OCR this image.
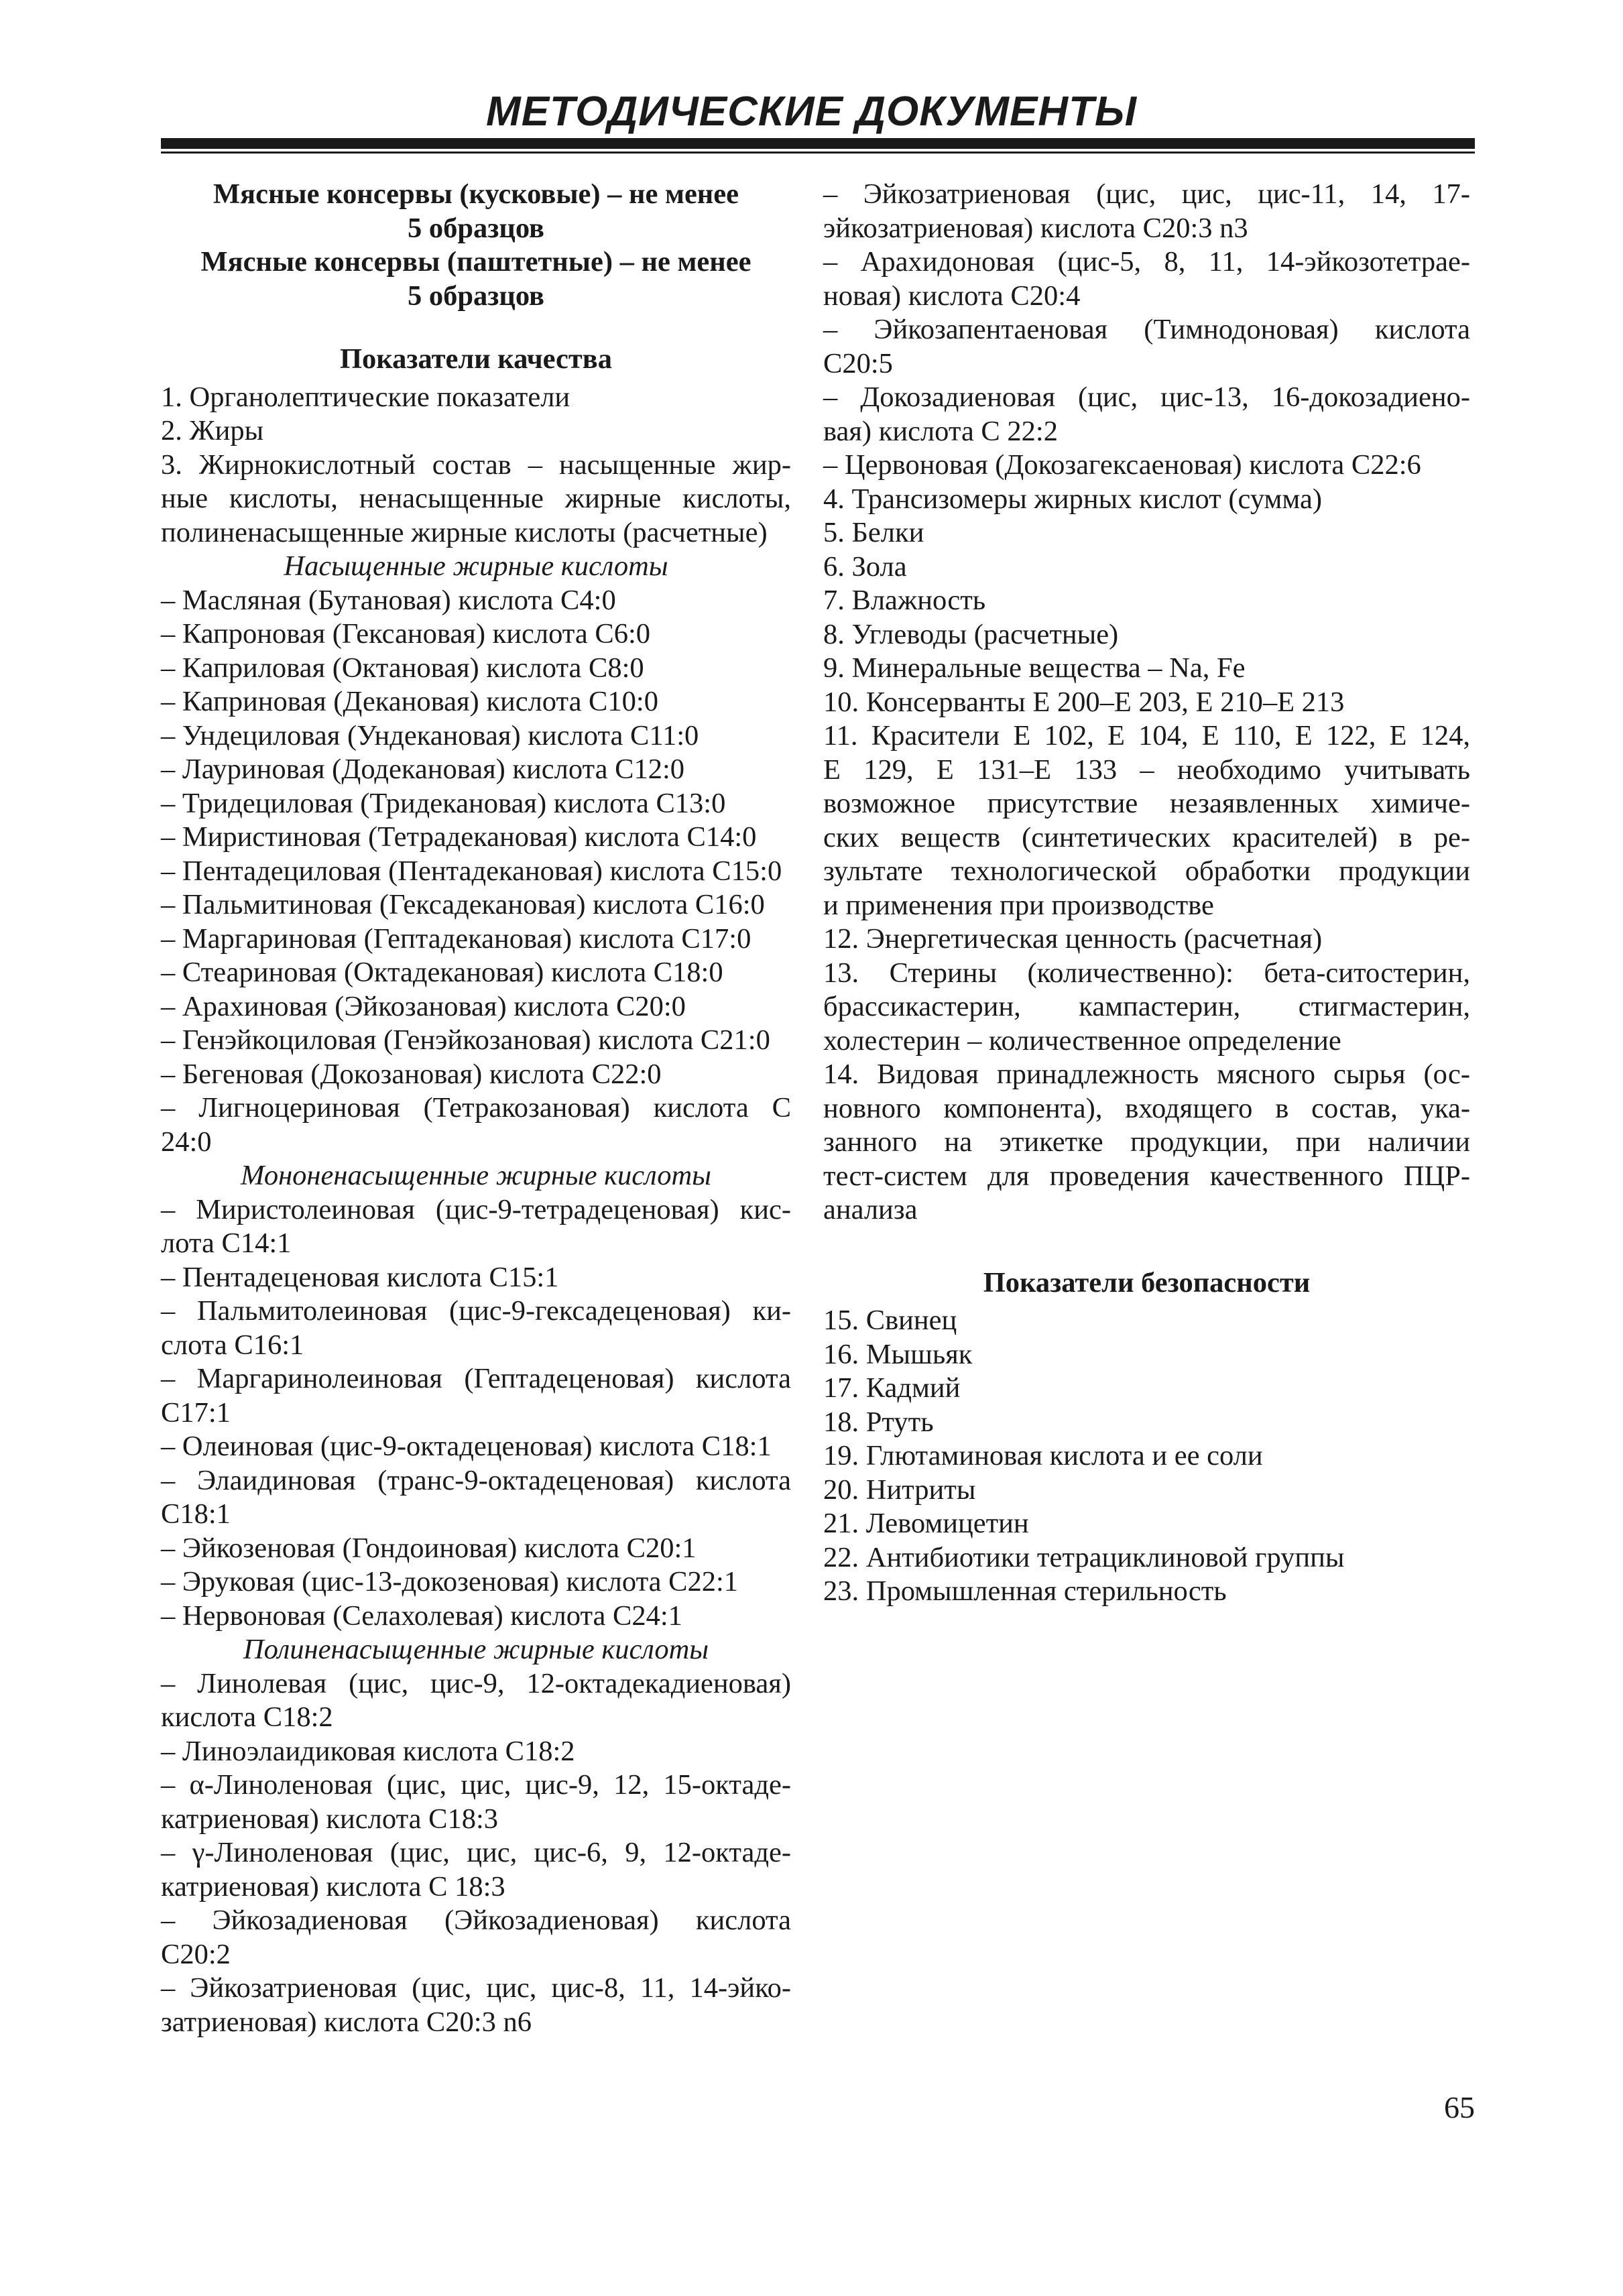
МЕТОДИЧЕСКИЕ ДОКУМЕНТЫ
Мясные консервы (кусковые) – не менее
5 образцов
Мясные консервы (паштетные) – не менее
5 образцов
Показатели качества
1. Органолептические показатели
2. Жиры
3. Жирнокислотный состав – насыщенные жир-
ные кислоты, ненасыщенные жирные кислоты,
полиненасыщенные жирные кислоты (расчетные)
Насыщенные жирные кислоты
– Масляная (Бутановая) кислота С4:0
– Капроновая (Гексановая) кислота С6:0
– Каприловая (Октановая) кислота С8:0
– Каприновая (Декановая) кислота С10:0
– Ундециловая (Ундекановая) кислота С11:0
– Лауриновая (Додекановая) кислота С12:0
– Тридециловая (Тридекановая) кислота С13:0
– Миристиновая (Тетрадекановая) кислота С14:0
– Пентадециловая (Пентадекановая) кислота С15:0
– Пальмитиновая (Гексадекановая) кислота С16:0
– Маргариновая (Гептадекановая) кислота С17:0
– Стеариновая (Октадекановая) кислота С18:0
– Арахиновая (Эйкозановая) кислота С20:0
– Генэйкоциловая (Генэйкозановая) кислота С21:0
– Бегеновая (Докозановая) кислота С22:0
– Лигноцериновая (Тетракозановая) кислота С
24:0
Мононенасыщенные жирные кислоты
– Миристолеиновая (цис-9-тетрадеценовая) кис-
лота С14:1
– Пентадеценовая кислота С15:1
– Пальмитолеиновая (цис-9-гексадеценовая) ки-
слота С16:1
– Маргаринолеиновая (Гептадеценовая) кислота
С17:1
– Олеиновая (цис-9-октадеценовая) кислота С18:1
– Элаидиновая (транс-9-октадеценовая) кислота
С18:1
– Эйкозеновая (Гондоиновая) кислота С20:1
– Эруковая (цис-13-докозеновая) кислота С22:1
– Нервоновая (Селахолевая) кислота С24:1
Полиненасыщенные жирные кислоты
– Линолевая (цис, цис-9, 12-октадекадиеновая)
кислота С18:2
– Линоэлаидиковая кислота С18:2
– α-Линоленовая (цис, цис, цис-9, 12, 15-октаде-
катриеновая) кислота С18:3
– γ-Линоленовая (цис, цис, цис-6, 9, 12-октаде-
катриеновая) кислота С 18:3
– Эйкозадиеновая (Эйкозадиеновая) кислота
С20:2
– Эйкозатриеновая (цис, цис, цис-8, 11, 14-эйко-
затриеновая) кислота С20:3 n6
– Эйкозатриеновая (цис, цис, цис-11, 14, 17-
эйкозатриеновая) кислота С20:3 n3
– Арахидоновая (цис-5, 8, 11, 14-эйкозотетрае-
новая) кислота С20:4
– Эйкозапентаеновая (Тимнодоновая) кислота
С20:5
– Докозадиеновая (цис, цис-13, 16-докозадиено-
вая) кислота С 22:2
– Цервоновая (Докозагексаеновая) кислота С22:6
4. Трансизомеры жирных кислот (сумма)
5. Белки
6. Зола
7. Влажность
8. Углеводы (расчетные)
9. Минеральные вещества – Na, Fe
10. Консерванты Е 200–Е 203, Е 210–Е 213
11. Красители Е 102, Е 104, Е 110, Е 122, Е 124,
Е 129, Е 131–Е 133 – необходимо учитывать
возможное присутствие незаявленных химиче-
ских веществ (синтетических красителей) в ре-
зультате технологической обработки продукции
и применения при производстве
12. Энергетическая ценность (расчетная)
13. Стерины (количественно): бета-ситостерин,
брассикастерин, кампастерин, стигмастерин,
холестерин – количественное определение
14. Видовая принадлежность мясного сырья (ос-
новного компонента), входящего в состав, ука-
занного на этикетке продукции, при наличии
тест-систем для проведения качественного ПЦР-
анализа
Показатели безопасности
15. Свинец
16. Мышьяк
17. Кадмий
18. Ртуть
19. Глютаминовая кислота и ее соли
20. Нитриты
21. Левомицетин
22. Антибиотики тетрациклиновой группы
23. Промышленная стерильность
65
